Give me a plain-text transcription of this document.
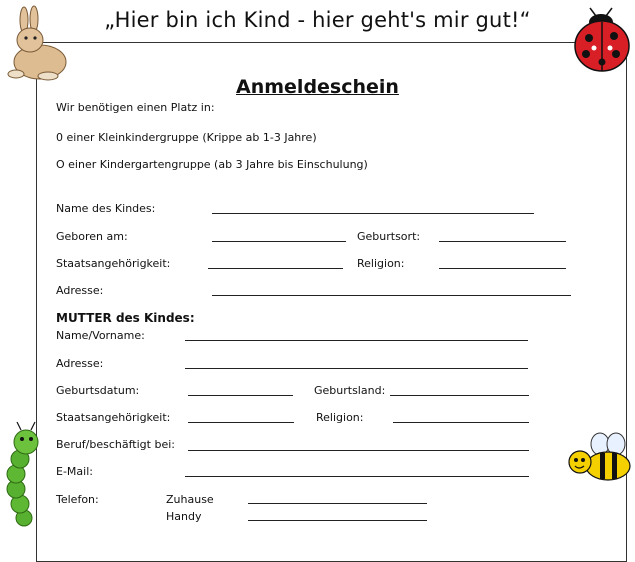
„Hier bin ich Kind - hier geht's mir gut!“
Anmeldeschein
Wir benötigen einen Platz in:
0 einer Kleinkindergruppe (Krippe ab 1-3 Jahre)
O einer Kindergartengruppe (ab 3 Jahre bis Einschulung)
Name des Kindes:
Geboren am:	Geburtsort:
Staatsangehörigkeit:	Religion:
Adresse:
MUTTER des Kindes:
Name/Vorname:
Adresse:
Geburtsdatum:	Geburtsland:
Staatsangehörigkeit:	Religion:
Beruf/beschäftigt bei:
E-Mail:
Telefon:	Zuhause
Handy
